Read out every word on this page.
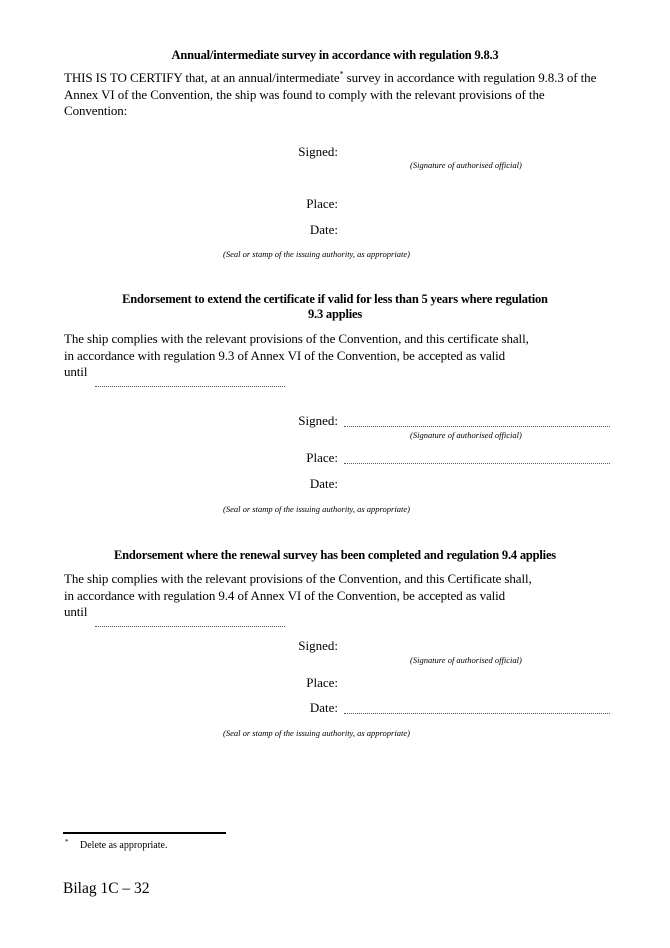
Annual/intermediate survey in accordance with regulation 9.8.3
THIS IS TO CERTIFY that, at an annual/intermediate* survey in accordance with regulation 9.8.3 of the Annex VI of the Convention, the ship was found to comply with the relevant provisions of the Convention:
Signed:
(Signature of authorised official)
Place:
Date:
(Seal or stamp of the issuing authority, as appropriate)
Endorsement to extend the certificate if valid for less than 5 years where regulation
9.3 applies
The ship complies with the relevant provisions of the Convention, and this certificate shall, in accordance with regulation 9.3 of Annex VI of the Convention, be accepted as valid
until
Signed:
(Signature of authorised official)
Place:
Date:
(Seal or stamp of the issuing authority, as appropriate)
Endorsement where the renewal survey has been completed and regulation 9.4 applies
The ship complies with the relevant provisions of the Convention, and this Certificate shall, in accordance with regulation 9.4 of Annex VI of the Convention, be accepted as valid
until
Signed:
(Signature of authorised official)
Place:
Date:
(Seal or stamp of the issuing authority, as appropriate)
* Delete as appropriate.
Bilag 1C – 32
